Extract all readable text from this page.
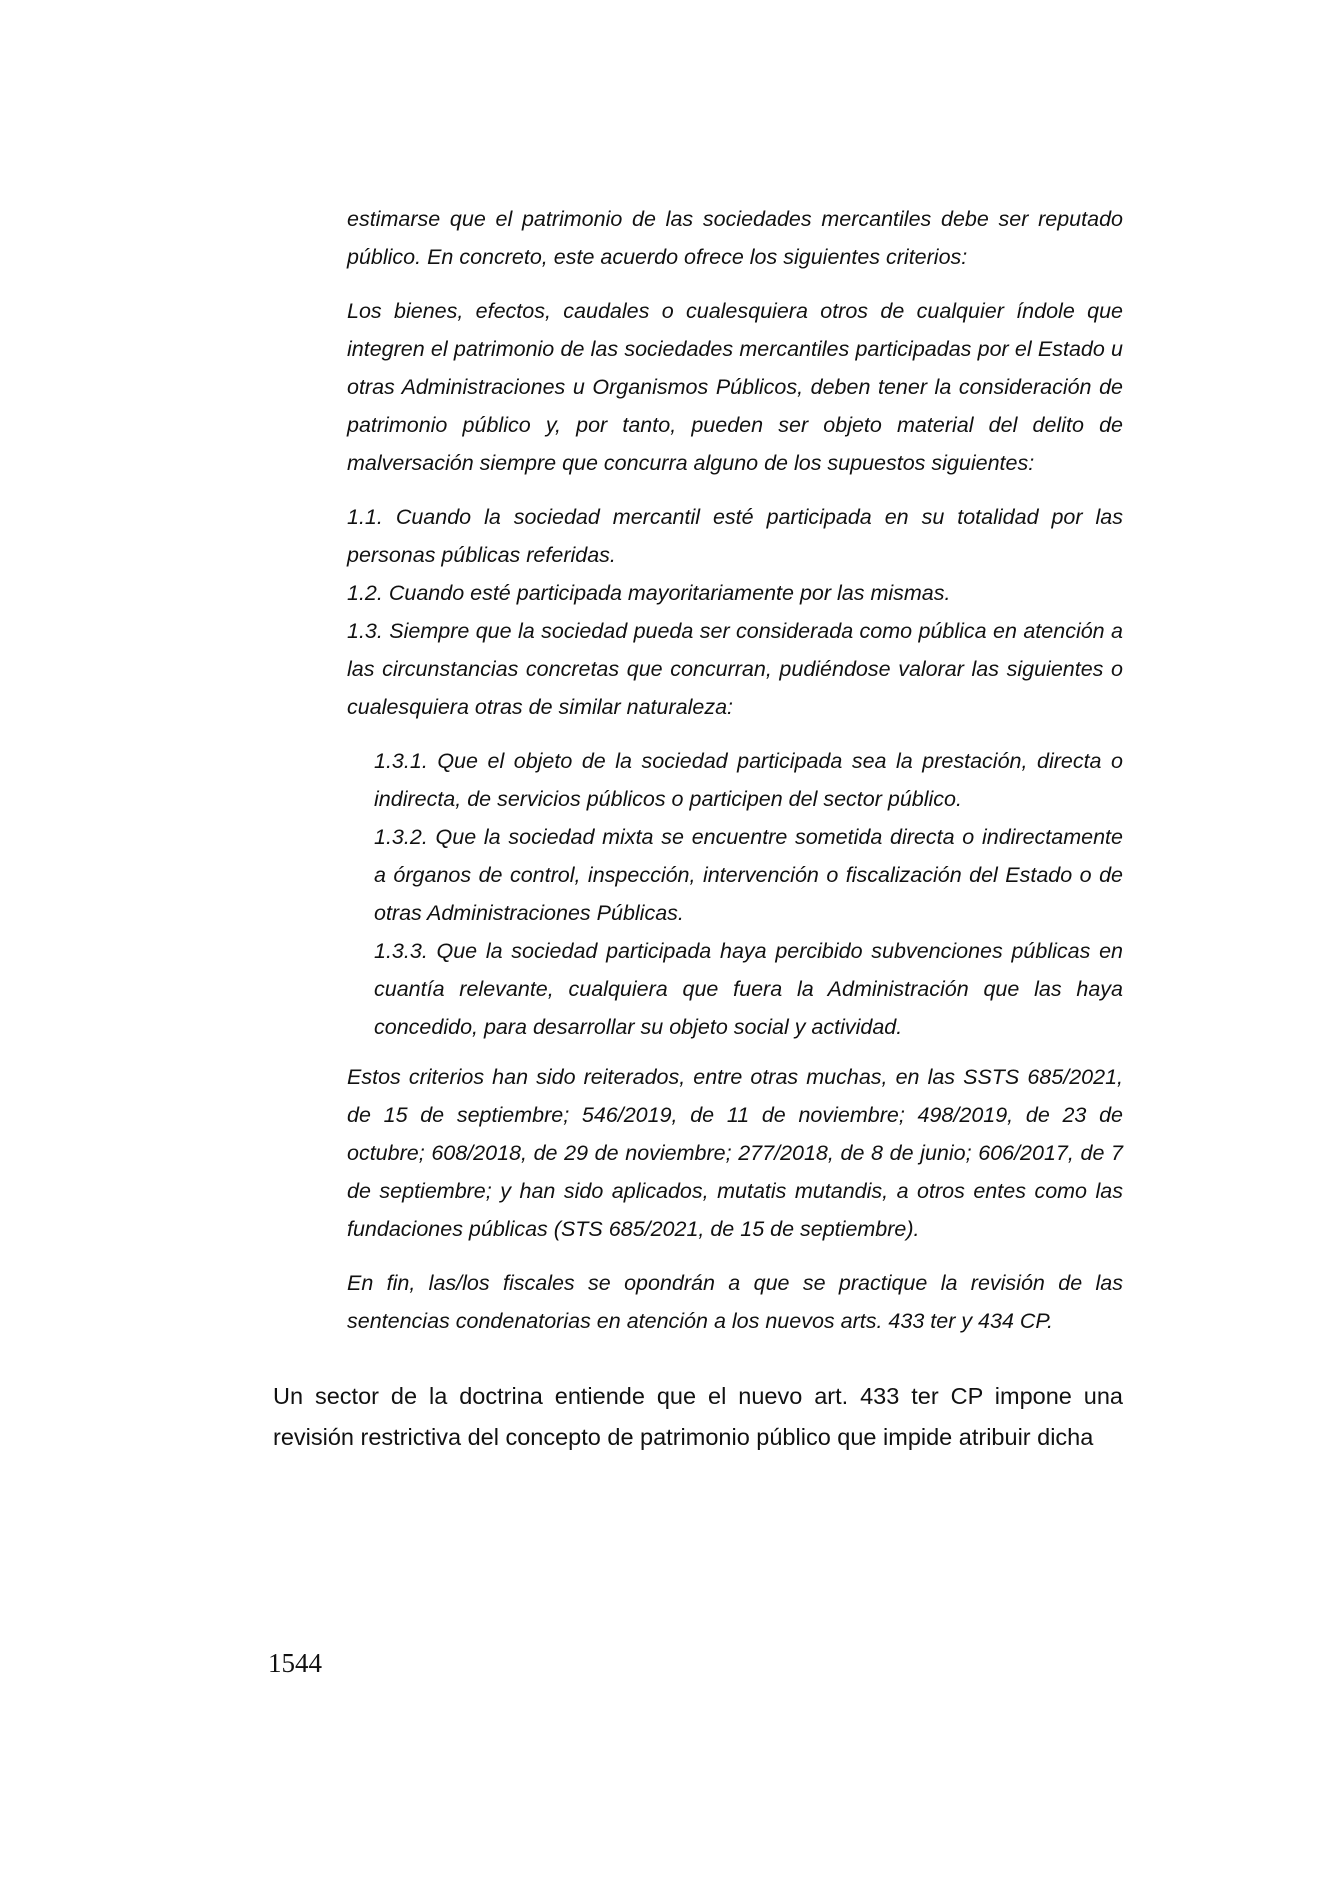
estimarse que el patrimonio de las sociedades mercantiles debe ser reputado público. En concreto, este acuerdo ofrece los siguientes criterios:

Los bienes, efectos, caudales o cualesquiera otros de cualquier índole que integren el patrimonio de las sociedades mercantiles participadas por el Estado u otras Administraciones u Organismos Públicos, deben tener la consideración de patrimonio público y, por tanto, pueden ser objeto material del delito de malversación siempre que concurra alguno de los supuestos siguientes:

1.1. Cuando la sociedad mercantil esté participada en su totalidad por las personas públicas referidas.

1.2. Cuando esté participada mayoritariamente por las mismas.

1.3. Siempre que la sociedad pueda ser considerada como pública en atención a las circunstancias concretas que concurran, pudiéndose valorar las siguientes o cualesquiera otras de similar naturaleza:

1.3.1. Que el objeto de la sociedad participada sea la prestación, directa o indirecta, de servicios públicos o participen del sector público.

1.3.2. Que la sociedad mixta se encuentre sometida directa o indirectamente a órganos de control, inspección, intervención o fiscalización del Estado o de otras Administraciones Públicas.

1.3.3. Que la sociedad participada haya percibido subvenciones públicas en cuantía relevante, cualquiera que fuera la Administración que las haya concedido, para desarrollar su objeto social y actividad.

Estos criterios han sido reiterados, entre otras muchas, en las SSTS 685/2021, de 15 de septiembre; 546/2019, de 11 de noviembre; 498/2019, de 23 de octubre; 608/2018, de 29 de noviembre; 277/2018, de 8 de junio; 606/2017, de 7 de septiembre; y han sido aplicados, mutatis mutandis, a otros entes como las fundaciones públicas (STS 685/2021, de 15 de septiembre).

En fin, las/los fiscales se opondrán a que se practique la revisión de las sentencias condenatorias en atención a los nuevos arts. 433 ter y 434 CP.

Un sector de la doctrina entiende que el nuevo art. 433 ter CP impone una revisión restrictiva del concepto de patrimonio público que impide atribuir dicha

1544
